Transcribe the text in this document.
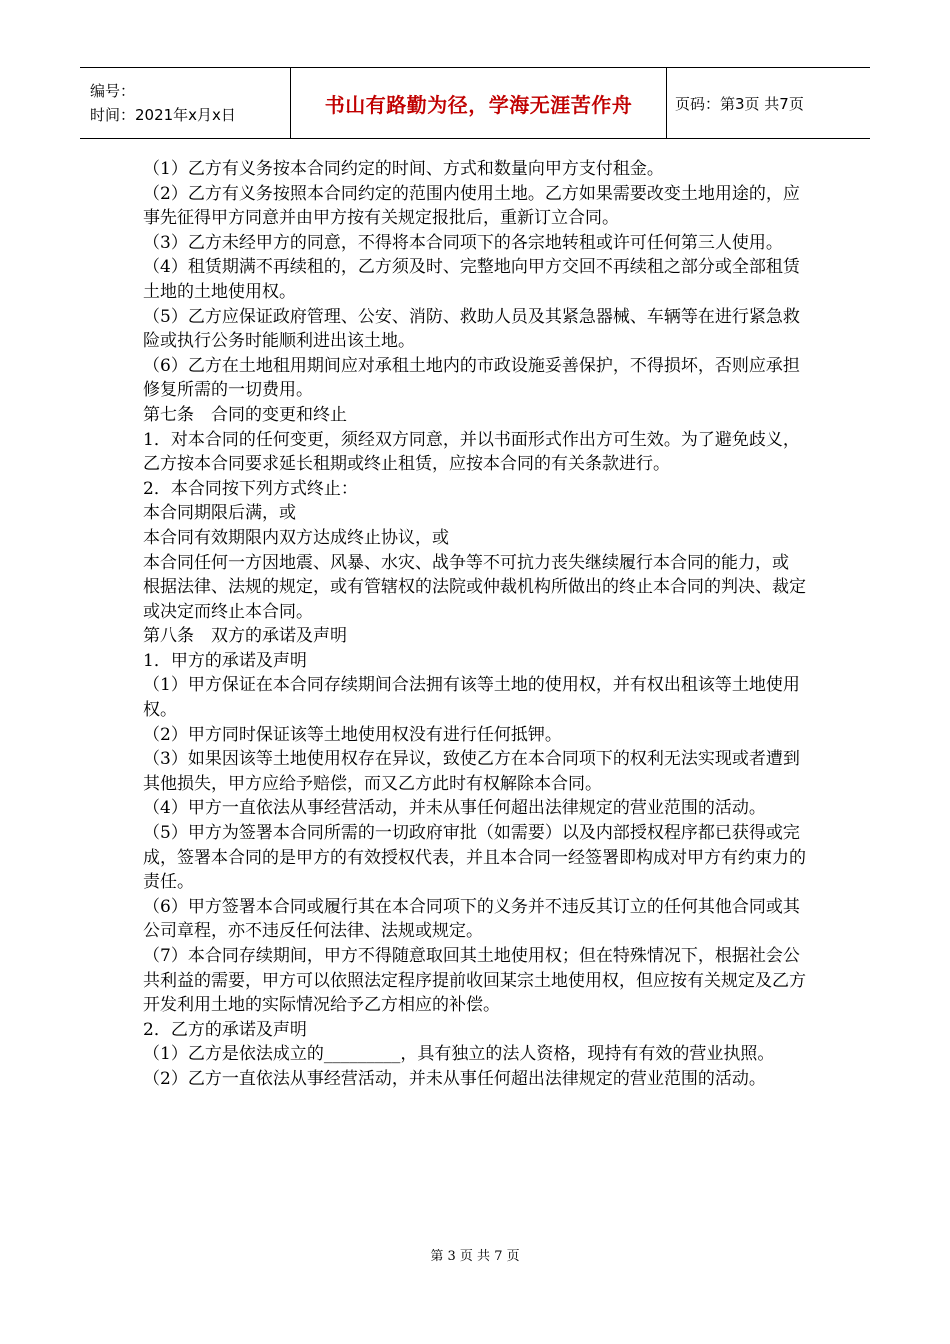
编号：
时间：2021年x月x日	书山有路勤为径，学海无涯苦作舟	页码：第3页 共7页

（1）乙方有义务按本合同约定的时间、方式和数量向甲方支付租金。

（2）乙方有义务按照本合同约定的范围内使用土地。乙方如果需要改变土地用途的，应事先征得甲方同意并由甲方按有关规定报批后，重新订立合同。

（3）乙方未经甲方的同意，不得将本合同项下的各宗地转租或许可任何第三人使用。

（4）租赁期满不再续租的，乙方须及时、完整地向甲方交回不再续租之部分或全部租赁土地的土地使用权。

（5）乙方应保证政府管理、公安、消防、救助人员及其紧急器械、车辆等在进行紧急救险或执行公务时能顺利进出该土地。

（6）乙方在土地租用期间应对承租土地内的市政设施妥善保护，不得损坏，否则应承担修复所需的一切费用。

第七条　合同的变更和终止

1．对本合同的任何变更，须经双方同意，并以书面形式作出方可生效。为了避免歧义，乙方按本合同要求延长租期或终止租赁，应按本合同的有关条款进行。

2．本合同按下列方式终止：

本合同期限后满，或

本合同有效期限内双方达成终止协议，或

本合同任何一方因地震、风暴、水灾、战争等不可抗力丧失继续履行本合同的能力，或

根据法律、法规的规定，或有管辖权的法院或仲裁机构所做出的终止本合同的判决、裁定或决定而终止本合同。

第八条　双方的承诺及声明

1．甲方的承诺及声明

（1）甲方保证在本合同存续期间合法拥有该等土地的使用权，并有权出租该等土地使用权。

（2）甲方同时保证该等土地使用权没有进行任何抵钾。

（3）如果因该等土地使用权存在异议，致使乙方在本合同项下的权利无法实现或者遭到其他损失，甲方应给予赔偿，而又乙方此时有权解除本合同。

（4）甲方一直依法从事经营活动，并未从事任何超出法律规定的营业范围的活动。

（5）甲方为签署本合同所需的一切政府审批（如需要）以及内部授权程序都已获得或完成，签署本合同的是甲方的有效授权代表，并且本合同一经签署即构成对甲方有约束力的责任。

（6）甲方签署本合同或履行其在本合同项下的义务并不违反其订立的任何其他合同或其公司章程，亦不违反任何法律、法规或规定。

（7）本合同存续期间，甲方不得随意取回其土地使用权；但在特殊情况下，根据社会公共利益的需要，甲方可以依照法定程序提前收回某宗土地使用权，但应按有关规定及乙方开发利用土地的实际情况给予乙方相应的补偿。

2．乙方的承诺及声明

（1）乙方是依法成立的_________，具有独立的法人资格，现持有有效的营业执照。

（2）乙方一直依法从事经营活动，并未从事任何超出法律规定的营业范围的活动。

第 3 页 共 7 页
